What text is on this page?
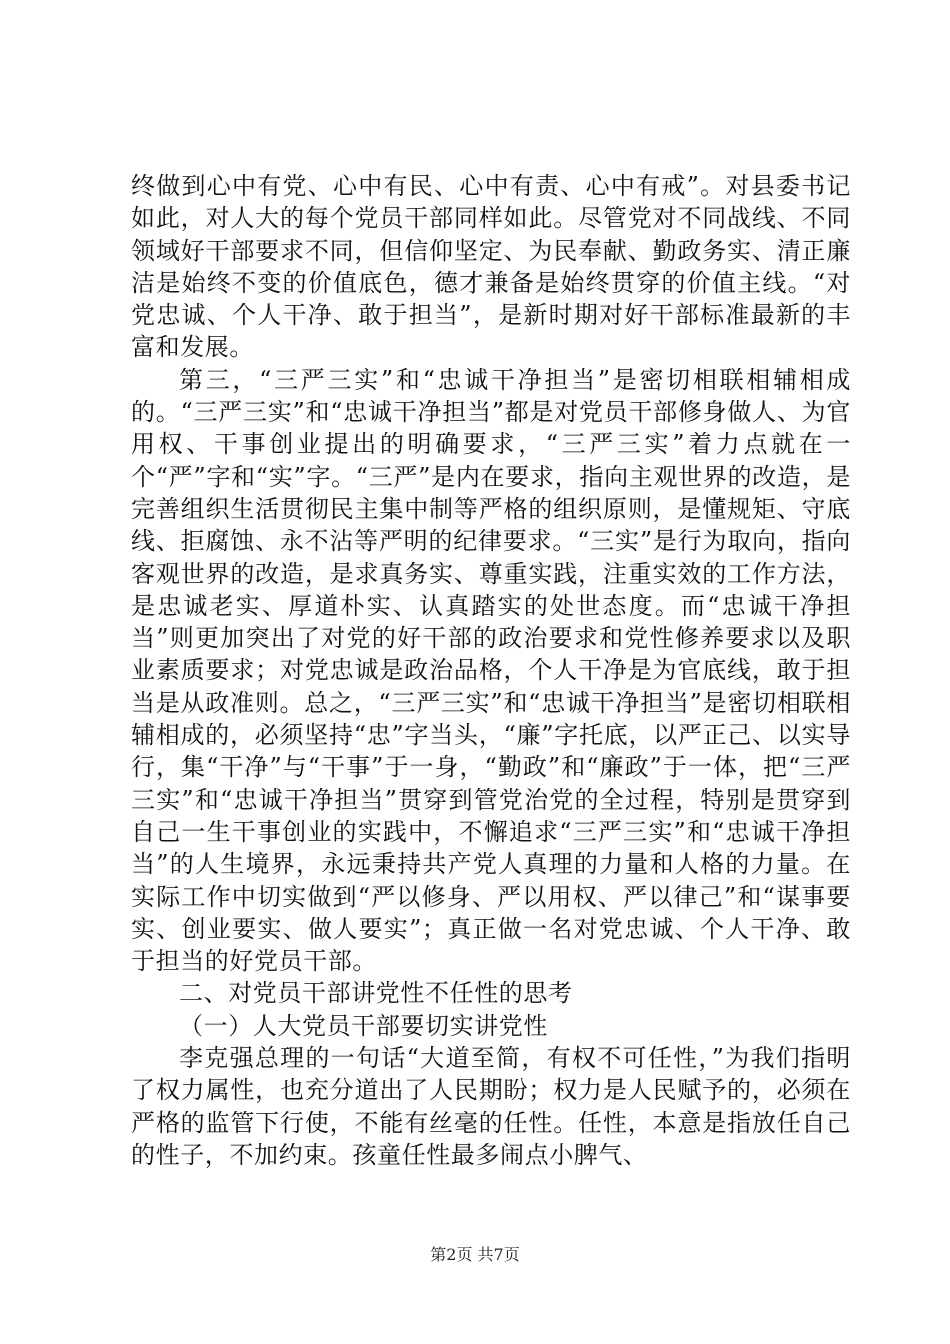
终做到心中有党、心中有民、心中有责、心中有戒”。对县委书记如此，对人大的每个党员干部同样如此。尽管党对不同战线、不同领域好干部要求不同，但信仰坚定、为民奉献、勤政务实、清正廉洁是始终不变的价值底色，德才兼备是始终贯穿的价值主线。“对党忠诚、个人干净、敢于担当”，是新时期对好干部标准最新的丰富和发展。

第三，“三严三实”和“忠诚干净担当”是密切相联相辅相成的。“三严三实”和“忠诚干净担当”都是对党员干部修身做人、为官用权、干事创业提出的明确要求，“三严三实”着力点就在一个“严”字和“实”字。“三严”是内在要求，指向主观世界的改造，是完善组织生活贯彻民主集中制等严格的组织原则，是懂规矩、守底线、拒腐蚀、永不沾等严明的纪律要求。“三实”是行为取向，指向客观世界的改造，是求真务实、尊重实践，注重实效的工作方法，是忠诚老实、厚道朴实、认真踏实的处世态度。而“忠诚干净担当”则更加突出了对党的好干部的政治要求和党性修养要求以及职业素质要求；对党忠诚是政治品格，个人干净是为官底线，敢于担当是从政准则。总之，“三严三实”和“忠诚干净担当”是密切相联相辅相成的，必须坚持“忠”字当头，“廉”字托底，以严正己、以实导行，集“干净”与“干事”于一身，“勤政”和“廉政”于一体，把“三严三实”和“忠诚干净担当”贯穿到管党治党的全过程，特别是贯穿到自己一生干事创业的实践中，不懈追求“三严三实”和“忠诚干净担当”的人生境界，永远秉持共产党人真理的力量和人格的力量。在实际工作中切实做到“严以修身、严以用权、严以律己”和“谋事要实、创业要实、做人要实”；真正做一名对党忠诚、个人干净、敢于担当的好党员干部。

二、对党员干部讲党性不任性的思考

（一）人大党员干部要切实讲党性

李克强总理的一句话“大道至简，有权不可任性，”为我们指明了权力属性，也充分道出了人民期盼；权力是人民赋予的，必须在严格的监管下行使，不能有丝毫的任性。任性，本意是指放任自己的性子，不加约束。孩童任性最多闹点小脾气、

第2页 共7页
